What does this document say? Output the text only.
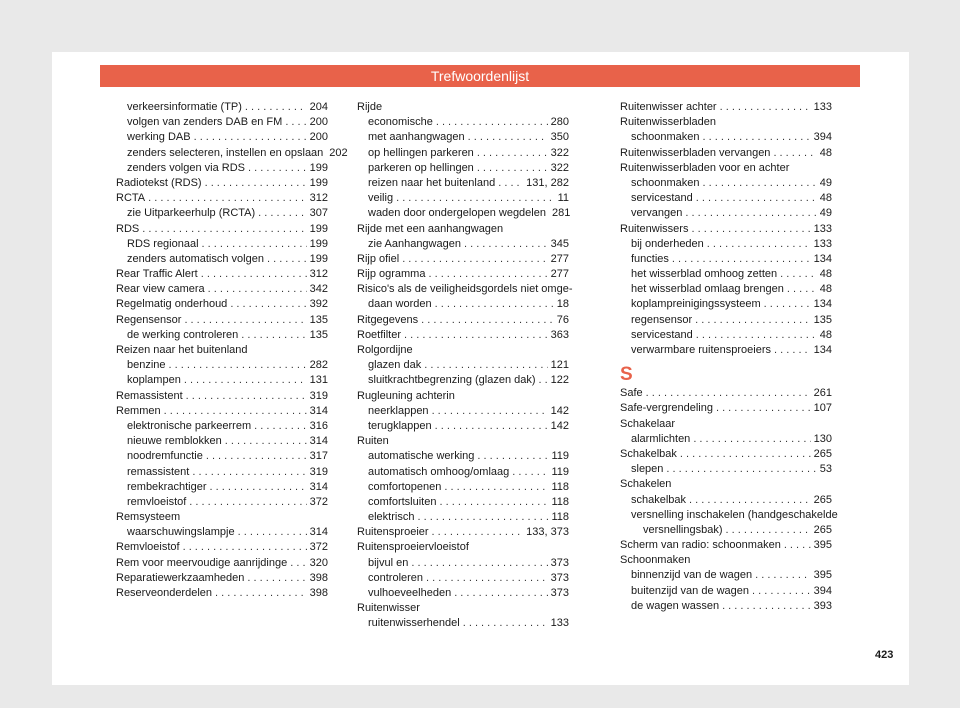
Trefwoordenlijst
verkeersinformatie (TP) . . .	204
volgen van zenders DAB en FM . . . 200
werking DAB . . .	200
zenders selecteren, instellen en opslaan 202
zenders volgen via RDS . . .	199
Radiotekst (RDS) . . .	199
RCTA . . .	312
zie Uitparkeerhulp (RCTA) . . .	307
RDS . . .	199
RDS regionaal . . .	199
zenders automatisch volgen . . .	199
Rear Traffic Alert . . .	312
Rear view camera . . .	342
Regelmatig onderhoud . . .	392
Regensensor . . .	135
de werking controleren . . .	135
Reizen naar het buitenland
benzine . . .	282
koplampen . . .	131
Remassistent . . .	319
Remmen . . .	314
elektronische parkeerrem . . .	316
nieuwe remblokken . . .	314
noodremfunctie . . .	317
remassistent . . .	319
rembekrachtiger . . .	314
remvloeistof . . .	372
Remsysteem
waarschuwingslampje . . .	314
Remvloeistof . . .	372
Rem voor meervoudige aanrijdinge . . . 320
Reparatiewerkzaamheden . . .	398
Reserveonderdelen . . .	398
Rijde
economische . . .	280
met aanhangwagen . . .	350
op hellingen parkeren . . .	322
parkeren op hellingen . . .	322
reizen naar het buitenland . . .	131, 282
veilig . . .	11
waden door ondergelopen wegdelen 281
Rijde met een aanhangwagen
zie Aanhangwagen . . .	345
Rijp ofiel . . .	277
Rijp ogramma . . .	277
Risico's als de veiligheidsgordels niet omge-
daan worden . . .	18
Ritgegevens . . .	76
Roetfilter . . .	363
Rolgordijne
glazen dak . . .	121
sluitkrachtbegrenzing (glazen dak) . . . 122
Rugleuning achterin
neerklappen . . .	142
terugklappen . . .	142
Ruiten
automatische werking . . .	119
automatisch omhoog/omlaag . . .	119
comfortopenen . . .	118
comfortsluiten . . .	118
elektrisch . . .	118
Ruitensproeier . . .	133, 373
Ruitensproeiervloeistof
bijvul en . . .	373
controleren . . .	373
vulhoeveelheden . . .	373
Ruitenwisser
ruitenwisserhendel . . .	133
Ruitenwisser achter . . .	133
Ruitenwisserbladen
schoonmaken . . .	394
Ruitenwisserbladen vervangen . . .	48
Ruitenwisserbladen voor en achter
schoonmaken . . .	49
servicestand . . .	48
vervangen . . .	49
Ruitenwissers . . .	133
bij onderheden . . .	133
functies . . .	134
het wisserblad omhoog zetten . . .	48
het wisserblad omlaag brengen . . .	48
koplampreinigingssysteem . . .	134
regensensor . . .	135
servicestand . . .	48
verwarmbare ruitensproeiers . . .	134
S
Safe . . .	261
Safe-vergrendeling . . .	107
Schakelaar
alarmlichten . . .	130
Schakelbak . . .	265
slepen . . .	53
Schakelen
schakelbak . . .	265
versnelling inschakelen (handgeschakelde
versnellingsbak) . . .	265
Scherm van radio: schoonmaken . . .	395
Schoonmaken
binnenzijd van de wagen . . .	395
buitenzijd van de wagen . . .	394
de wagen wassen . . .	393
423
